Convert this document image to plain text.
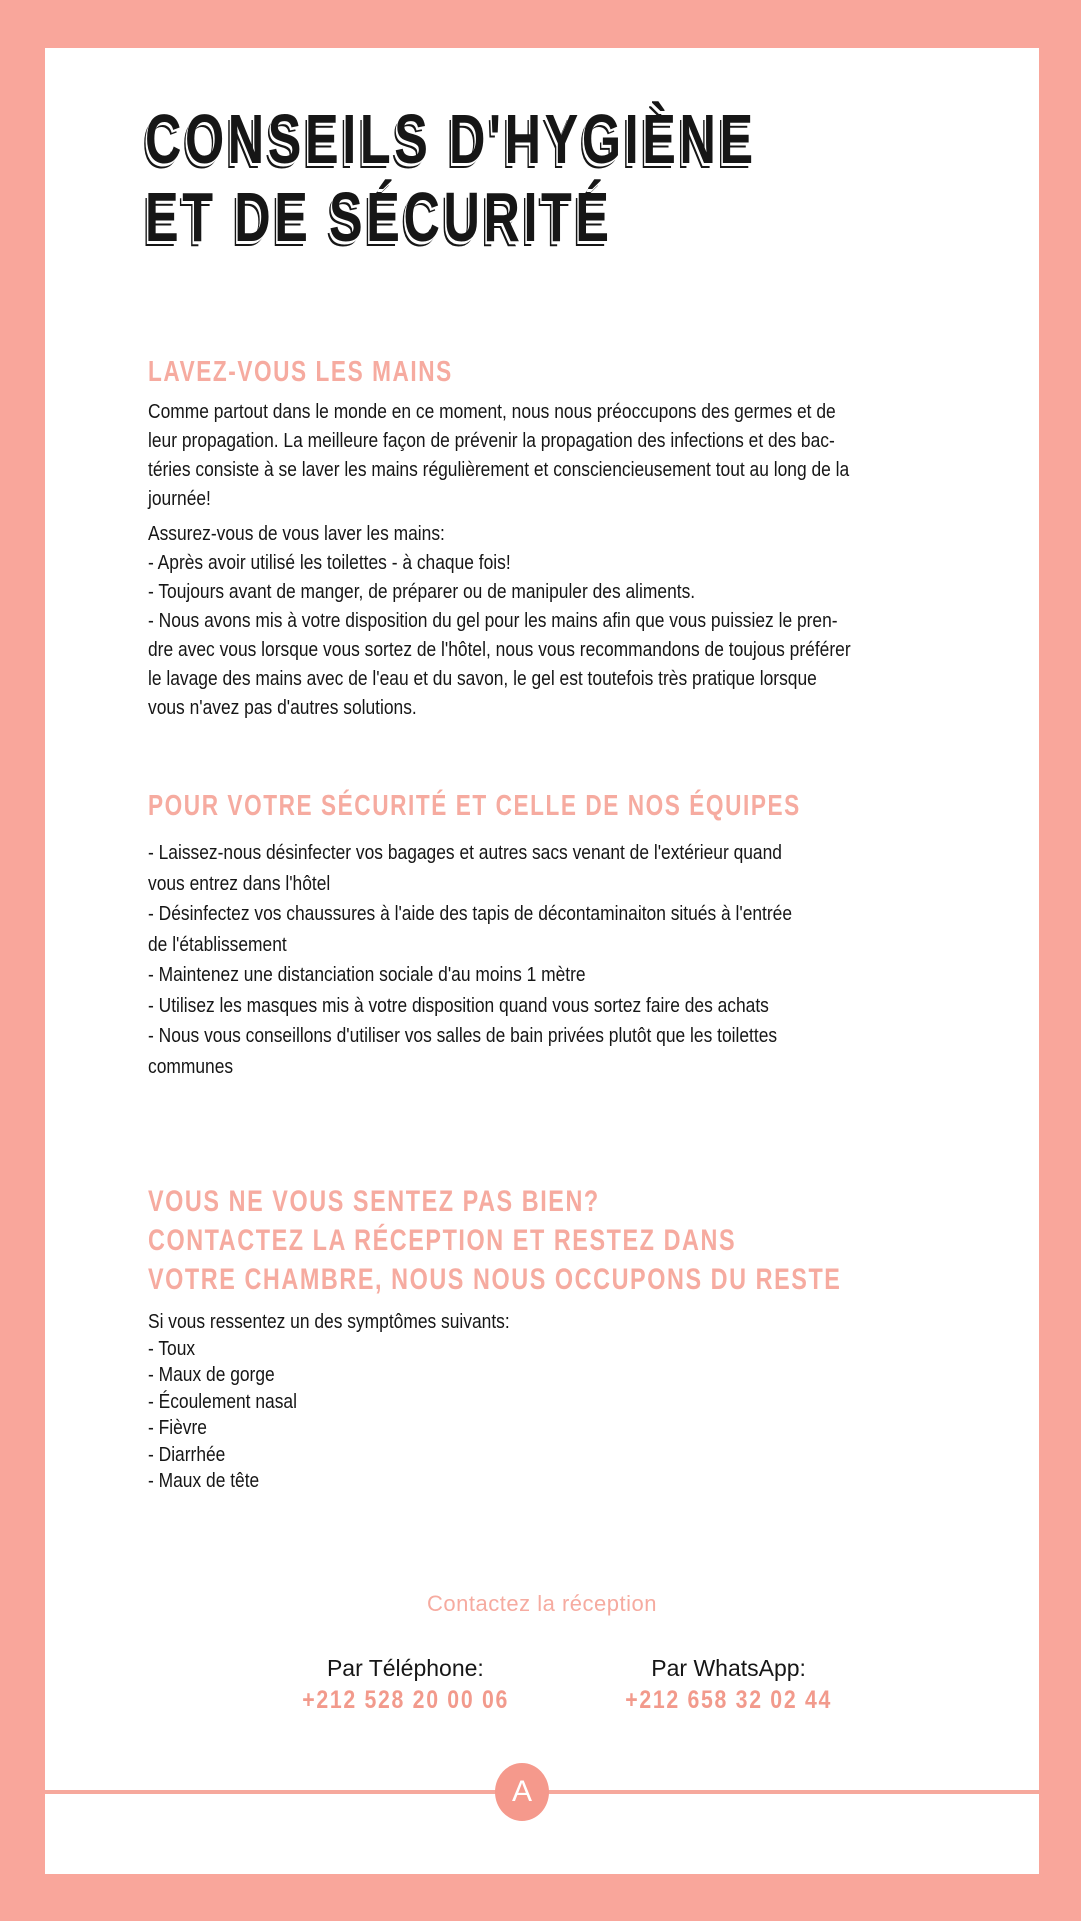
CONSEILS D'HYGIÈNE
ET DE SÉCURITÉ
LAVEZ-VOUS LES MAINS
Comme partout dans le monde en ce moment, nous nous préoccupons des germes et de
leur propagation. La meilleure façon de prévenir la propagation des infections et des bac-
téries consiste à se laver les mains régulièrement et consciencieusement tout au long de la
journée!
Assurez-vous de vous laver les mains:
- Après avoir utilisé les toilettes - à chaque fois!
- Toujours avant de manger, de préparer ou de manipuler des aliments.
- Nous avons mis à votre disposition du gel pour les mains afin que vous puissiez le pren-
dre avec vous lorsque vous sortez de l'hôtel, nous vous recommandons de toujous préférer
le lavage des mains avec de l'eau et du savon, le gel est toutefois très pratique lorsque
vous n'avez pas d'autres solutions.
POUR VOTRE SÉCURITÉ ET CELLE DE NOS ÉQUIPES
- Laissez-nous désinfecter vos bagages et autres sacs venant de l'extérieur quand
vous entrez dans l'hôtel
- Désinfectez vos chaussures à l'aide des tapis de décontaminaiton situés à l'entrée
de l'établissement
- Maintenez une distanciation sociale d'au moins 1 mètre
- Utilisez les masques mis à votre disposition quand vous sortez faire des achats
- Nous vous conseillons d'utiliser vos salles de bain privées plutôt que les toilettes
communes
VOUS NE VOUS SENTEZ PAS BIEN?
CONTACTEZ LA RÉCEPTION ET RESTEZ DANS
VOTRE CHAMBRE, NOUS NOUS OCCUPONS DU RESTE
Si vous ressentez un des symptômes suivants:
- Toux
- Maux de gorge
- Écoulement nasal
- Fièvre
- Diarrhée
- Maux de tête
Contactez la réception
Par Téléphone:
+212 528 20 00 06
Par WhatsApp:
+212 658 32 02 44
A
